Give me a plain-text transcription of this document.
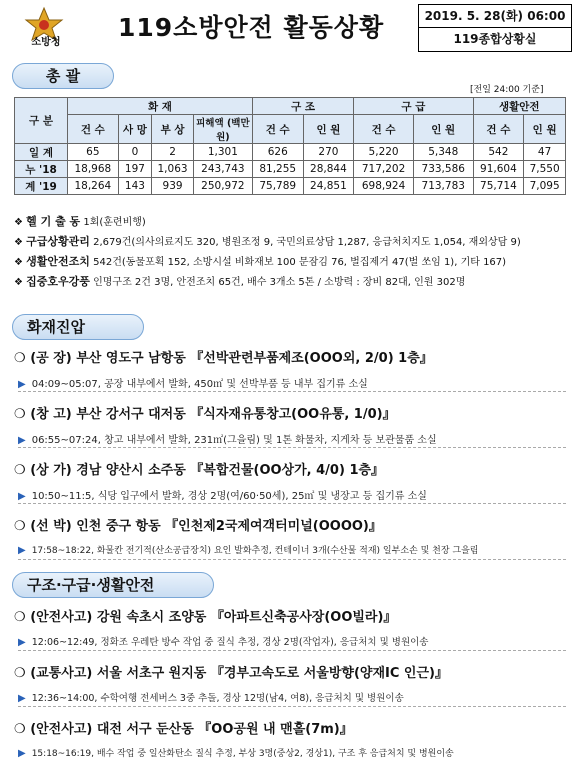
소방청
119소방안전 활동상황	2019. 5. 28(화) 06:00
119종합상황실
총 괄
[전일 24:00 기준]
구 분	화 재				구 조		구 급		생활안전	
	건 수	사 망	부 상	피해액 (백만원)	건 수	인 원	건 수	인 원	건 수	인 원
일 계	65	0	2	1,301	626	270	5,220	5,348	542	47
누 '18	18,968	197	1,063	243,743	81,255	28,844	717,202	733,586	91,604	7,550
계 '19	18,264	143	939	250,972	75,789	24,851	698,924	713,783	75,714	7,095
❖ 헬 기 출 동 1회(훈련비행)
❖ 구급상황관리 2,679건(의사의료지도 320, 병원조정 9, 국민의료상담 1,287, 응급처치지도 1,054, 재외상담 9)
❖ 생활안전조치 542건(동물포획 152, 소방시설 비화재보 100 문잠김 76, 벌집제거 47(벌 쏘임 1), 기타 167)
❖ 집중호우강풍 인명구조 2건 3명, 안전조치 65건, 배수 3개소 5톤 / 소방력 : 장비 82대, 인원 302명
화재진압
❍ (공 장) 부산 영도구 남항동 『선박관련부품제조(OOO외, 2/0) 1층』
▶ 04:09~05:07, 공장 내부에서 발화, 450㎡ 및 선박부품 등 내부 집기류 소실
❍ (창 고) 부산 강서구 대저동 『식자재유통창고(OO유통, 1/0)』
▶ 06:55~07:24, 창고 내부에서 발화, 231㎡(그을림) 및 1톤 화물차, 지게차 등 보관물품 소실
❍ (상 가) 경남 양산시 소주동 『복합건물(OO상가, 4/0) 1층』
▶ 10:50~11:5, 식당 입구에서 발화, 경상 2명(여/60·50세), 25㎡ 및 냉장고 등 집기류 소실
❍ (선 박) 인천 중구 항동 『인천제2국제여객터미널(OOOO)』
▶ 17:58~18:22, 화물칸 전기적(산소공급장치) 요인 발화추정, 컨테이너 3개(수산물 적재) 일부소손 및 천장 그을림
구조·구급·생활안전
❍ (안전사고) 강원 속초시 조양동 『아파트신축공사장(OO빌라)』
▶ 12:06~12:49, 정화조 우레탄 방수 작업 중 질식 추정, 경상 2명(작업자), 응급처치 및 병원이송
❍ (교통사고) 서울 서초구 원지동 『경부고속도로 서울방향(양재IC 인근)』
▶ 12:36~14:00, 수학여행 전세버스 3중 추돌, 경상 12명(남4, 여8), 응급처치 및 병원이송
❍ (안전사고) 대전 서구 둔산동 『OO공원 내 맨홀(7m)』
▶ 15:18~16:19, 배수 작업 중 일산화탄소 질식 추정, 부상 3명(중상2, 경상1), 구조 후 응급처치 및 병원이송
